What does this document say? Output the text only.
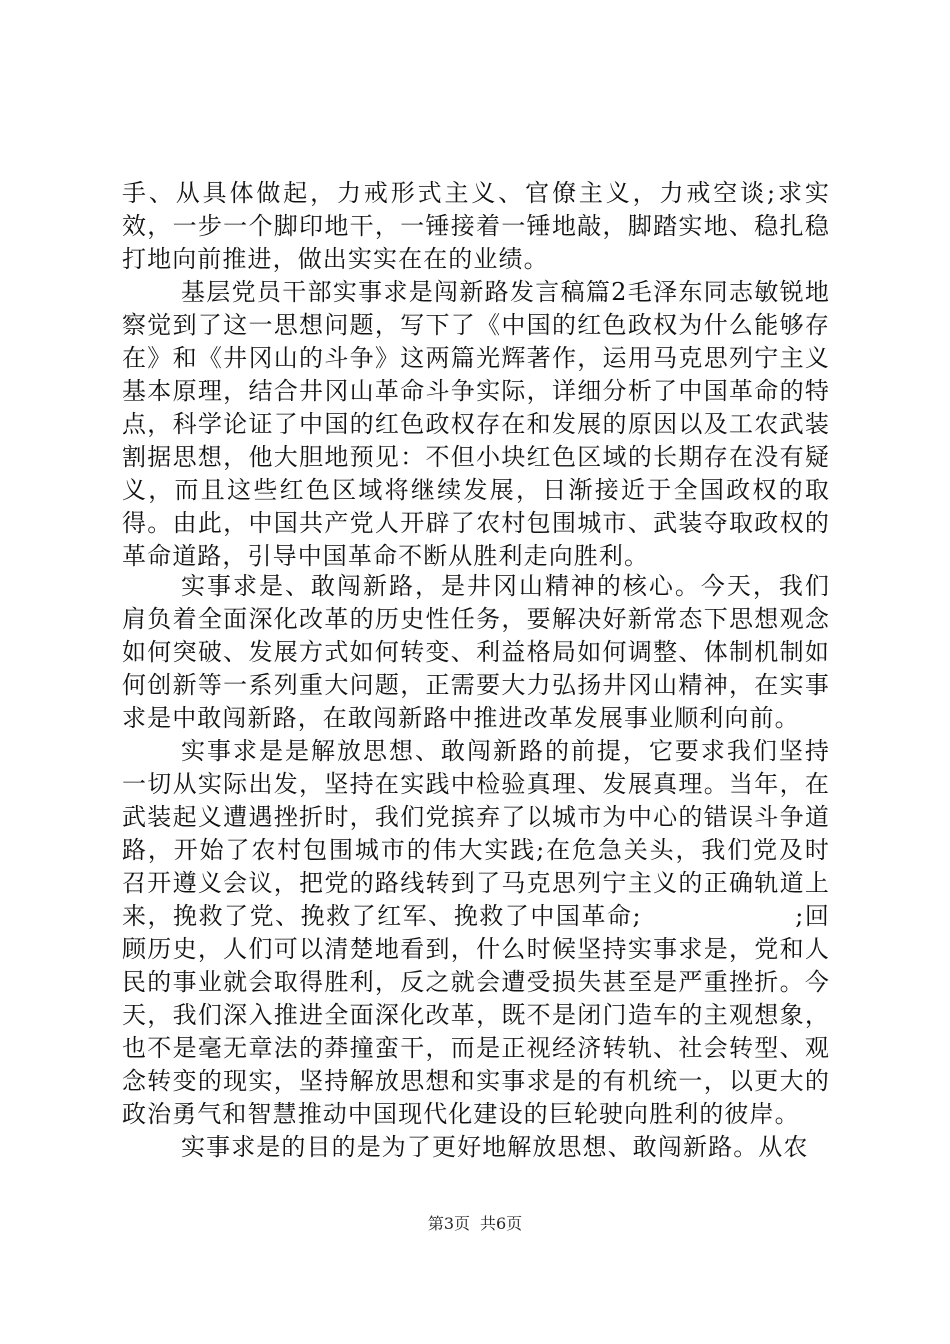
手、从具体做起，力戒形式主义、官僚主义，力戒空谈;求实效，一步一个脚印地干，一锤接着一锤地敲，脚踏实地、稳扎稳打地向前推进，做出实实在在的业绩。

基层党员干部实事求是闯新路发言稿篇2毛泽东同志敏锐地察觉到了这一思想问题，写下了《中国的红色政权为什么能够存在》和《井冈山的斗争》这两篇光辉著作，运用马克思列宁主义基本原理，结合井冈山革命斗争实际，详细分析了中国革命的特点，科学论证了中国的红色政权存在和发展的原因以及工农武装割据思想，他大胆地预见：不但小块红色区域的长期存在没有疑义，而且这些红色区域将继续发展，日渐接近于全国政权的取得。由此，中国共产党人开辟了农村包围城市、武装夺取政权的革命道路，引导中国革命不断从胜利走向胜利。

实事求是、敢闯新路，是井冈山精神的核心。今天，我们肩负着全面深化改革的历史性任务，要解决好新常态下思想观念如何突破、发展方式如何转变、利益格局如何调整、体制机制如何创新等一系列重大问题，正需要大力弘扬井冈山精神，在实事求是中敢闯新路，在敢闯新路中推进改革发展事业顺利向前。

实事求是是解放思想、敢闯新路的前提，它要求我们坚持一切从实际出发，坚持在实践中检验真理、发展真理。当年，在武装起义遭遇挫折时，我们党摈弃了以城市为中心的错误斗争道路，开始了农村包围城市的伟大实践;在危急关头，我们党及时召开遵义会议，把党的路线转到了马克思列宁主义的正确轨道上来，挽救了党、挽救了红军、挽救了中国革命;　　　　　　;回顾历史，人们可以清楚地看到，什么时候坚持实事求是，党和人民的事业就会取得胜利，反之就会遭受损失甚至是严重挫折。今天，我们深入推进全面深化改革，既不是闭门造车的主观想象，也不是毫无章法的莽撞蛮干，而是正视经济转轨、社会转型、观念转变的现实，坚持解放思想和实事求是的有机统一，以更大的政治勇气和智慧推动中国现代化建设的巨轮驶向胜利的彼岸。

实事求是的目的是为了更好地解放思想、敢闯新路。从农

第3页 共6页
